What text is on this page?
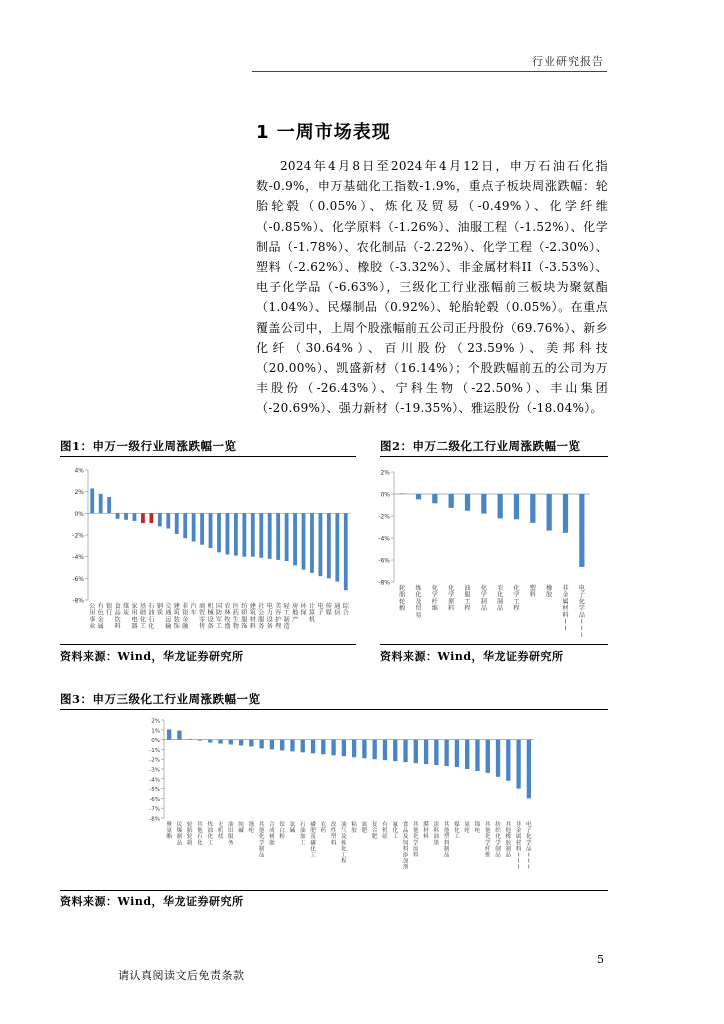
行业研究报告
1 一周市场表现

2024年4月8日至2024年4月12日，申万石油石化指数-0.9%，申万基础化工指数-1.9%，重点子板块周涨跌幅：轮胎轮毂（0.05%）、炼化及贸易（-0.49%）、化学纤维（-0.85%）、化学原料（-1.26%）、油服工程（-1.52%）、化学制品（-1.78%）、农化制品（-2.22%）、化学工程（-2.30%）、塑料（-2.62%）、橡胶（-3.32%）、非金属材料II（-3.53%）、电子化学品（-6.63%），三级化工行业涨幅前三板块为聚氨酯（1.04%）、民爆制品（0.92%）、轮胎轮毂（0.05%）。在重点覆盖公司中，上周个股涨幅前五公司正丹股份（69.76%）、新乡化纤（30.64%）、百川股份（23.59%）、美邦科技（20.00%）、凯盛新材（16.14%）；个股跌幅前五的公司为万丰股份（-26.43%）、宁科生物（-22.50%）、丰山集团（-20.69%）、强力新材（-19.35%）、雅运股份（-18.04%）。

图1：申万一级行业周涨跌幅一览
4%
2%
0%
-2%
-4%
-6%
-8%
公用事业
有色金属
银行
食品饮料
煤炭
家用电器
基础化工
石油石化
钢铁
交通运输
建筑装饰
非银金融
汽车
商贸零售
机械设备
国防军工
农林牧渔
医药生物
纺织服饰
建筑材料
社会服务
电力设备
美容护理
轻工制造
房地产
环保
计算机
电子
传媒
通信
综合
资料来源：Wind，华龙证券研究所
图2：申万二级化工行业周涨跌幅一览
2%
0%
-2%
-4%
-6%
-8%
轮胎轮毂
炼化及贸易
化学纤维
化学原料
油服工程
化学制品
农化制品
化学工程
塑料
橡胶
非金属材料 I I
电子化学品 I I I
资料来源：Wind，华龙证券研究所
图3：申万三级化工行业周涨跌幅一览
2%
1%
0%
-1%
-2%
-3%
-4%
-5%
-6%
-7%
-8%
聚氨酯
民爆制品
轮胎轮毂
其他石化
炼油化工
无机盐
油田服务
纯碱
涤纶
其他化学制品
合成树脂
钛白粉
氯碱
石油加工
磷肥及磷化工
农药
改性塑料
油气及炼化工程
粘胶
氮肥
复合肥
有机硅
氟化工
食品及饲料添加剂
其他化学原料
膜材料
涂料油墨
其他塑料制品
煤化工
氨纶
锦纶
其他化学纤维
纺织化学制品
其他橡胶制品
非金属材料 I I I
电子化学品 I I I
资料来源：Wind，华龙证券研究所
5
请认真阅读文后免责条款
